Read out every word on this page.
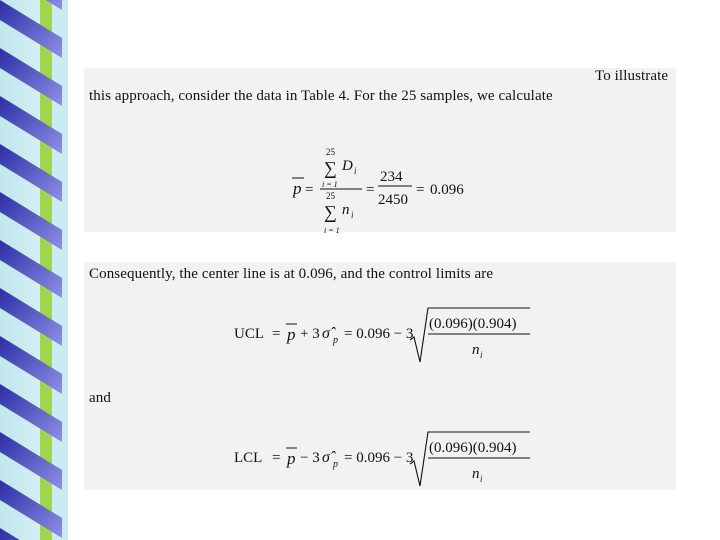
To illustrate
this approach, consider the data in Table 4. For the 25 samples, we calculate
p =
25
∑ D i
i = 1
25
∑ n i
i = 1
=
234
2450
= 0.096
Consequently, the center line is at 0.096, and the control limits are
UCL = p + 3 σ̂ p = 0.096 − 3
(0.096)(0.904)
n i
and
LCL = p − 3 σ̂ p = 0.096 − 3
(0.096)(0.904)
n i
